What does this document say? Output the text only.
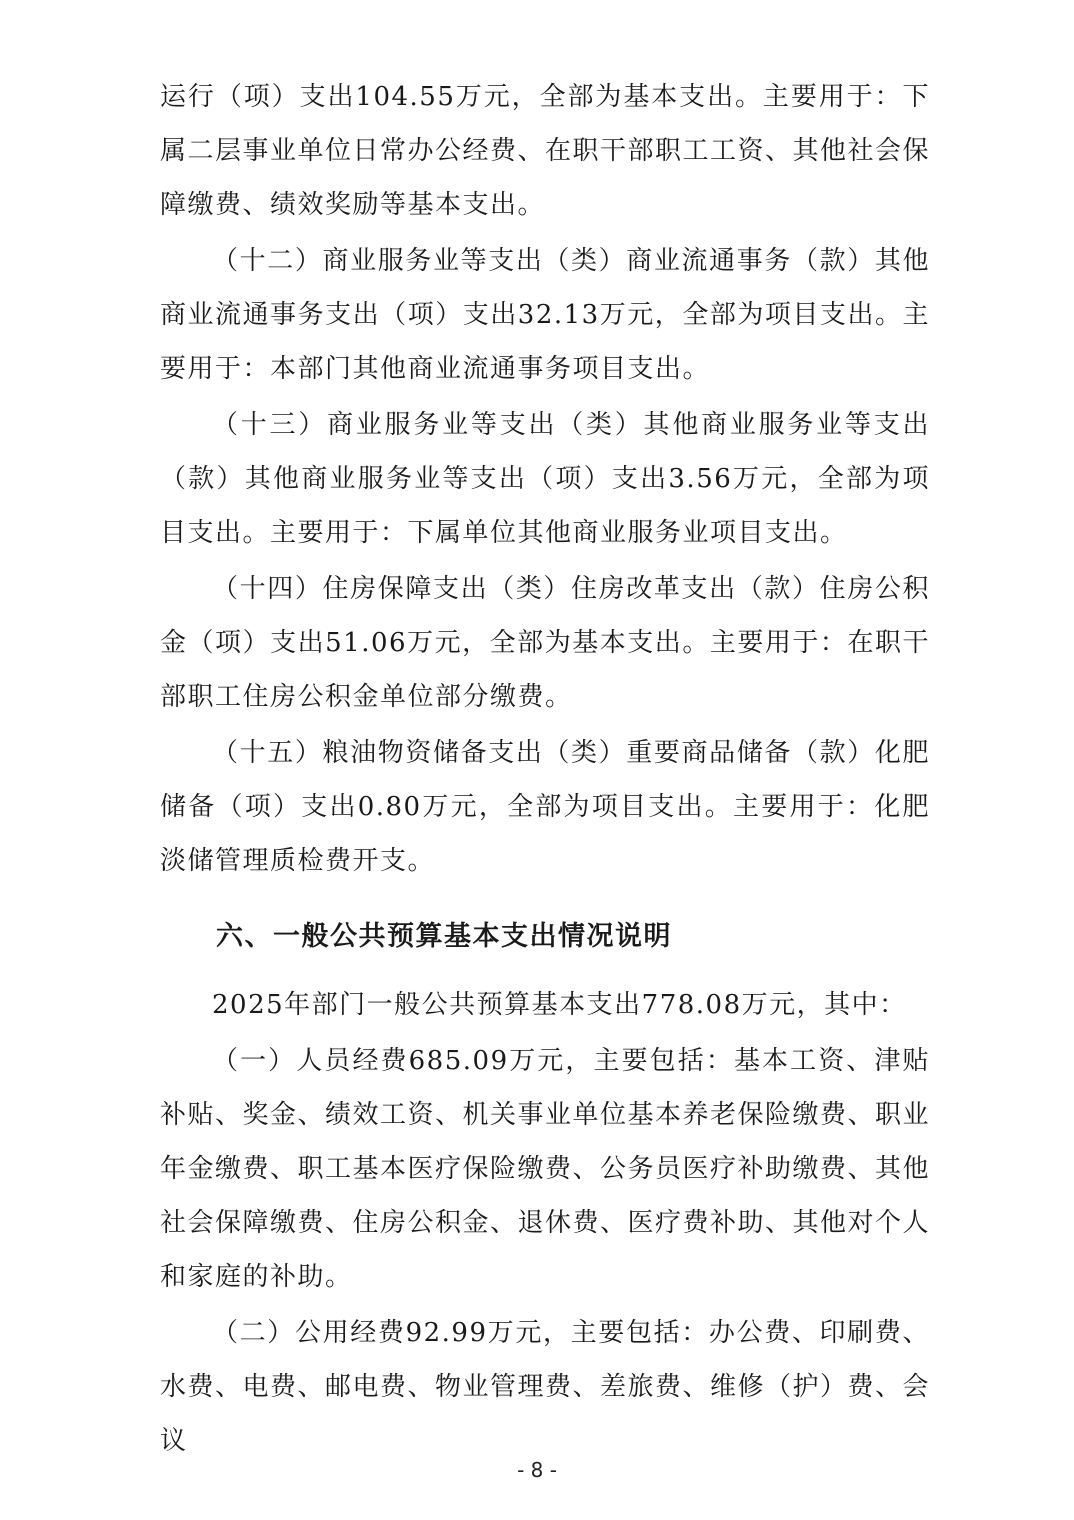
运行（项）支出104.55万元，全部为基本支出。主要用于：下属二层事业单位日常办公经费、在职干部职工工资、其他社会保障缴费、绩效奖励等基本支出。

（十二）商业服务业等支出（类）商业流通事务（款）其他商业流通事务支出（项）支出32.13万元，全部为项目支出。主要用于：本部门其他商业流通事务项目支出。

（十三）商业服务业等支出（类）其他商业服务业等支出（款）其他商业服务业等支出（项）支出3.56万元，全部为项目支出。主要用于：下属单位其他商业服务业项目支出。

（十四）住房保障支出（类）住房改革支出（款）住房公积金（项）支出51.06万元，全部为基本支出。主要用于：在职干部职工住房公积金单位部分缴费。

（十五）粮油物资储备支出（类）重要商品储备（款）化肥储备（项）支出0.80万元，全部为项目支出。主要用于：化肥淡储管理质检费开支。

六、一般公共预算基本支出情况说明

2025年部门一般公共预算基本支出778.08万元，其中：

（一）人员经费685.09万元，主要包括：基本工资、津贴补贴、奖金、绩效工资、机关事业单位基本养老保险缴费、职业年金缴费、职工基本医疗保险缴费、公务员医疗补助缴费、其他社会保障缴费、住房公积金、退休费、医疗费补助、其他对个人和家庭的补助。

（二）公用经费92.99万元，主要包括：办公费、印刷费、水费、电费、邮电费、物业管理费、差旅费、维修（护）费、会议

- 8 -
